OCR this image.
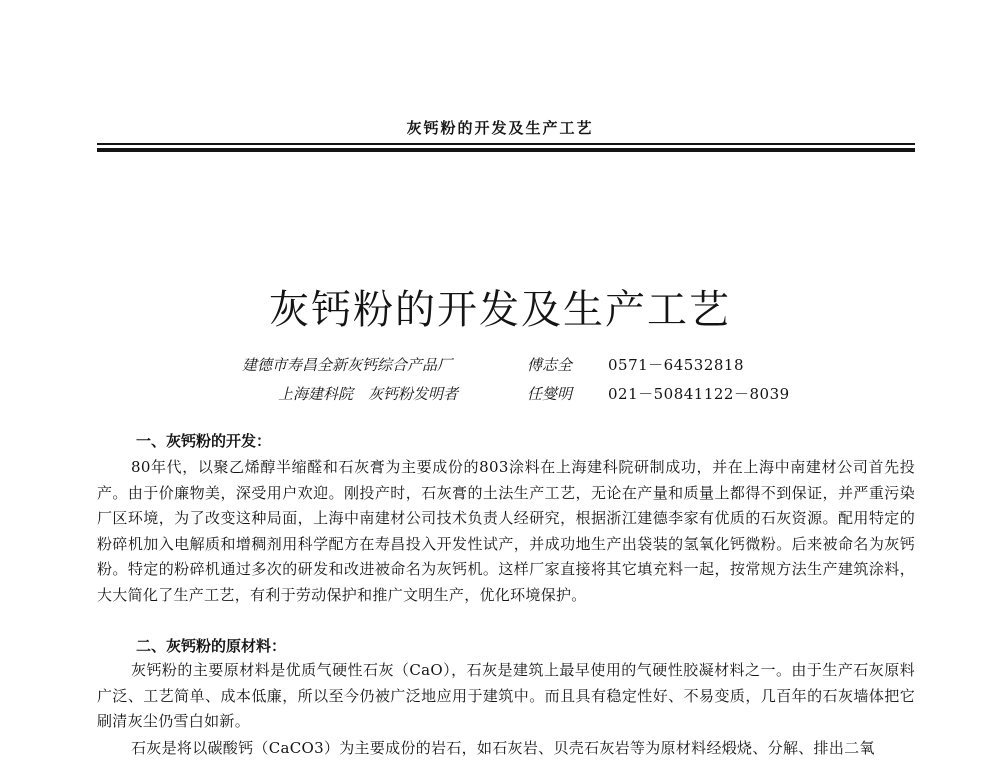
灰钙粉的开发及生产工艺
灰钙粉的开发及生产工艺
建德市寿昌全新灰钙综合产品厂	傅志全 0571－64532818
上海建科院　灰钙粉发明者	任燮明 021－50841122－8039
一、灰钙粉的开发：
80年代，以聚乙烯醇半缩醛和石灰膏为主要成份的803涂料在上海建科院研制成功，并在上海中南建材公司首先投产。由于价廉物美，深受用户欢迎。刚投产时，石灰膏的土法生产工艺，无论在产量和质量上都得不到保证，并严重污染厂区环境，为了改变这种局面，上海中南建材公司技术负责人经研究，根据浙江建德李家有优质的石灰资源。配用特定的粉碎机加入电解质和增稠剂用科学配方在寿昌投入开发性试产，并成功地生产出袋装的氢氧化钙微粉。后来被命名为灰钙粉。特定的粉碎机通过多次的研发和改进被命名为灰钙机。这样厂家直接将其它填充料一起，按常规方法生产建筑涂料，大大简化了生产工艺，有利于劳动保护和推广文明生产，优化环境保护。
二、灰钙粉的原材料：
灰钙粉的主要原材料是优质气硬性石灰（CaO），石灰是建筑上最早使用的气硬性胶凝材料之一。由于生产石灰原料广泛、工艺简单、成本低廉，所以至今仍被广泛地应用于建筑中。而且具有稳定性好、不易变质，几百年的石灰墙体把它刷清灰尘仍雪白如新。
石灰是将以碳酸钙（CaCO3）为主要成份的岩石，如石灰岩、贝壳石灰岩等为原材料经煅烧、分解、排出二氧
